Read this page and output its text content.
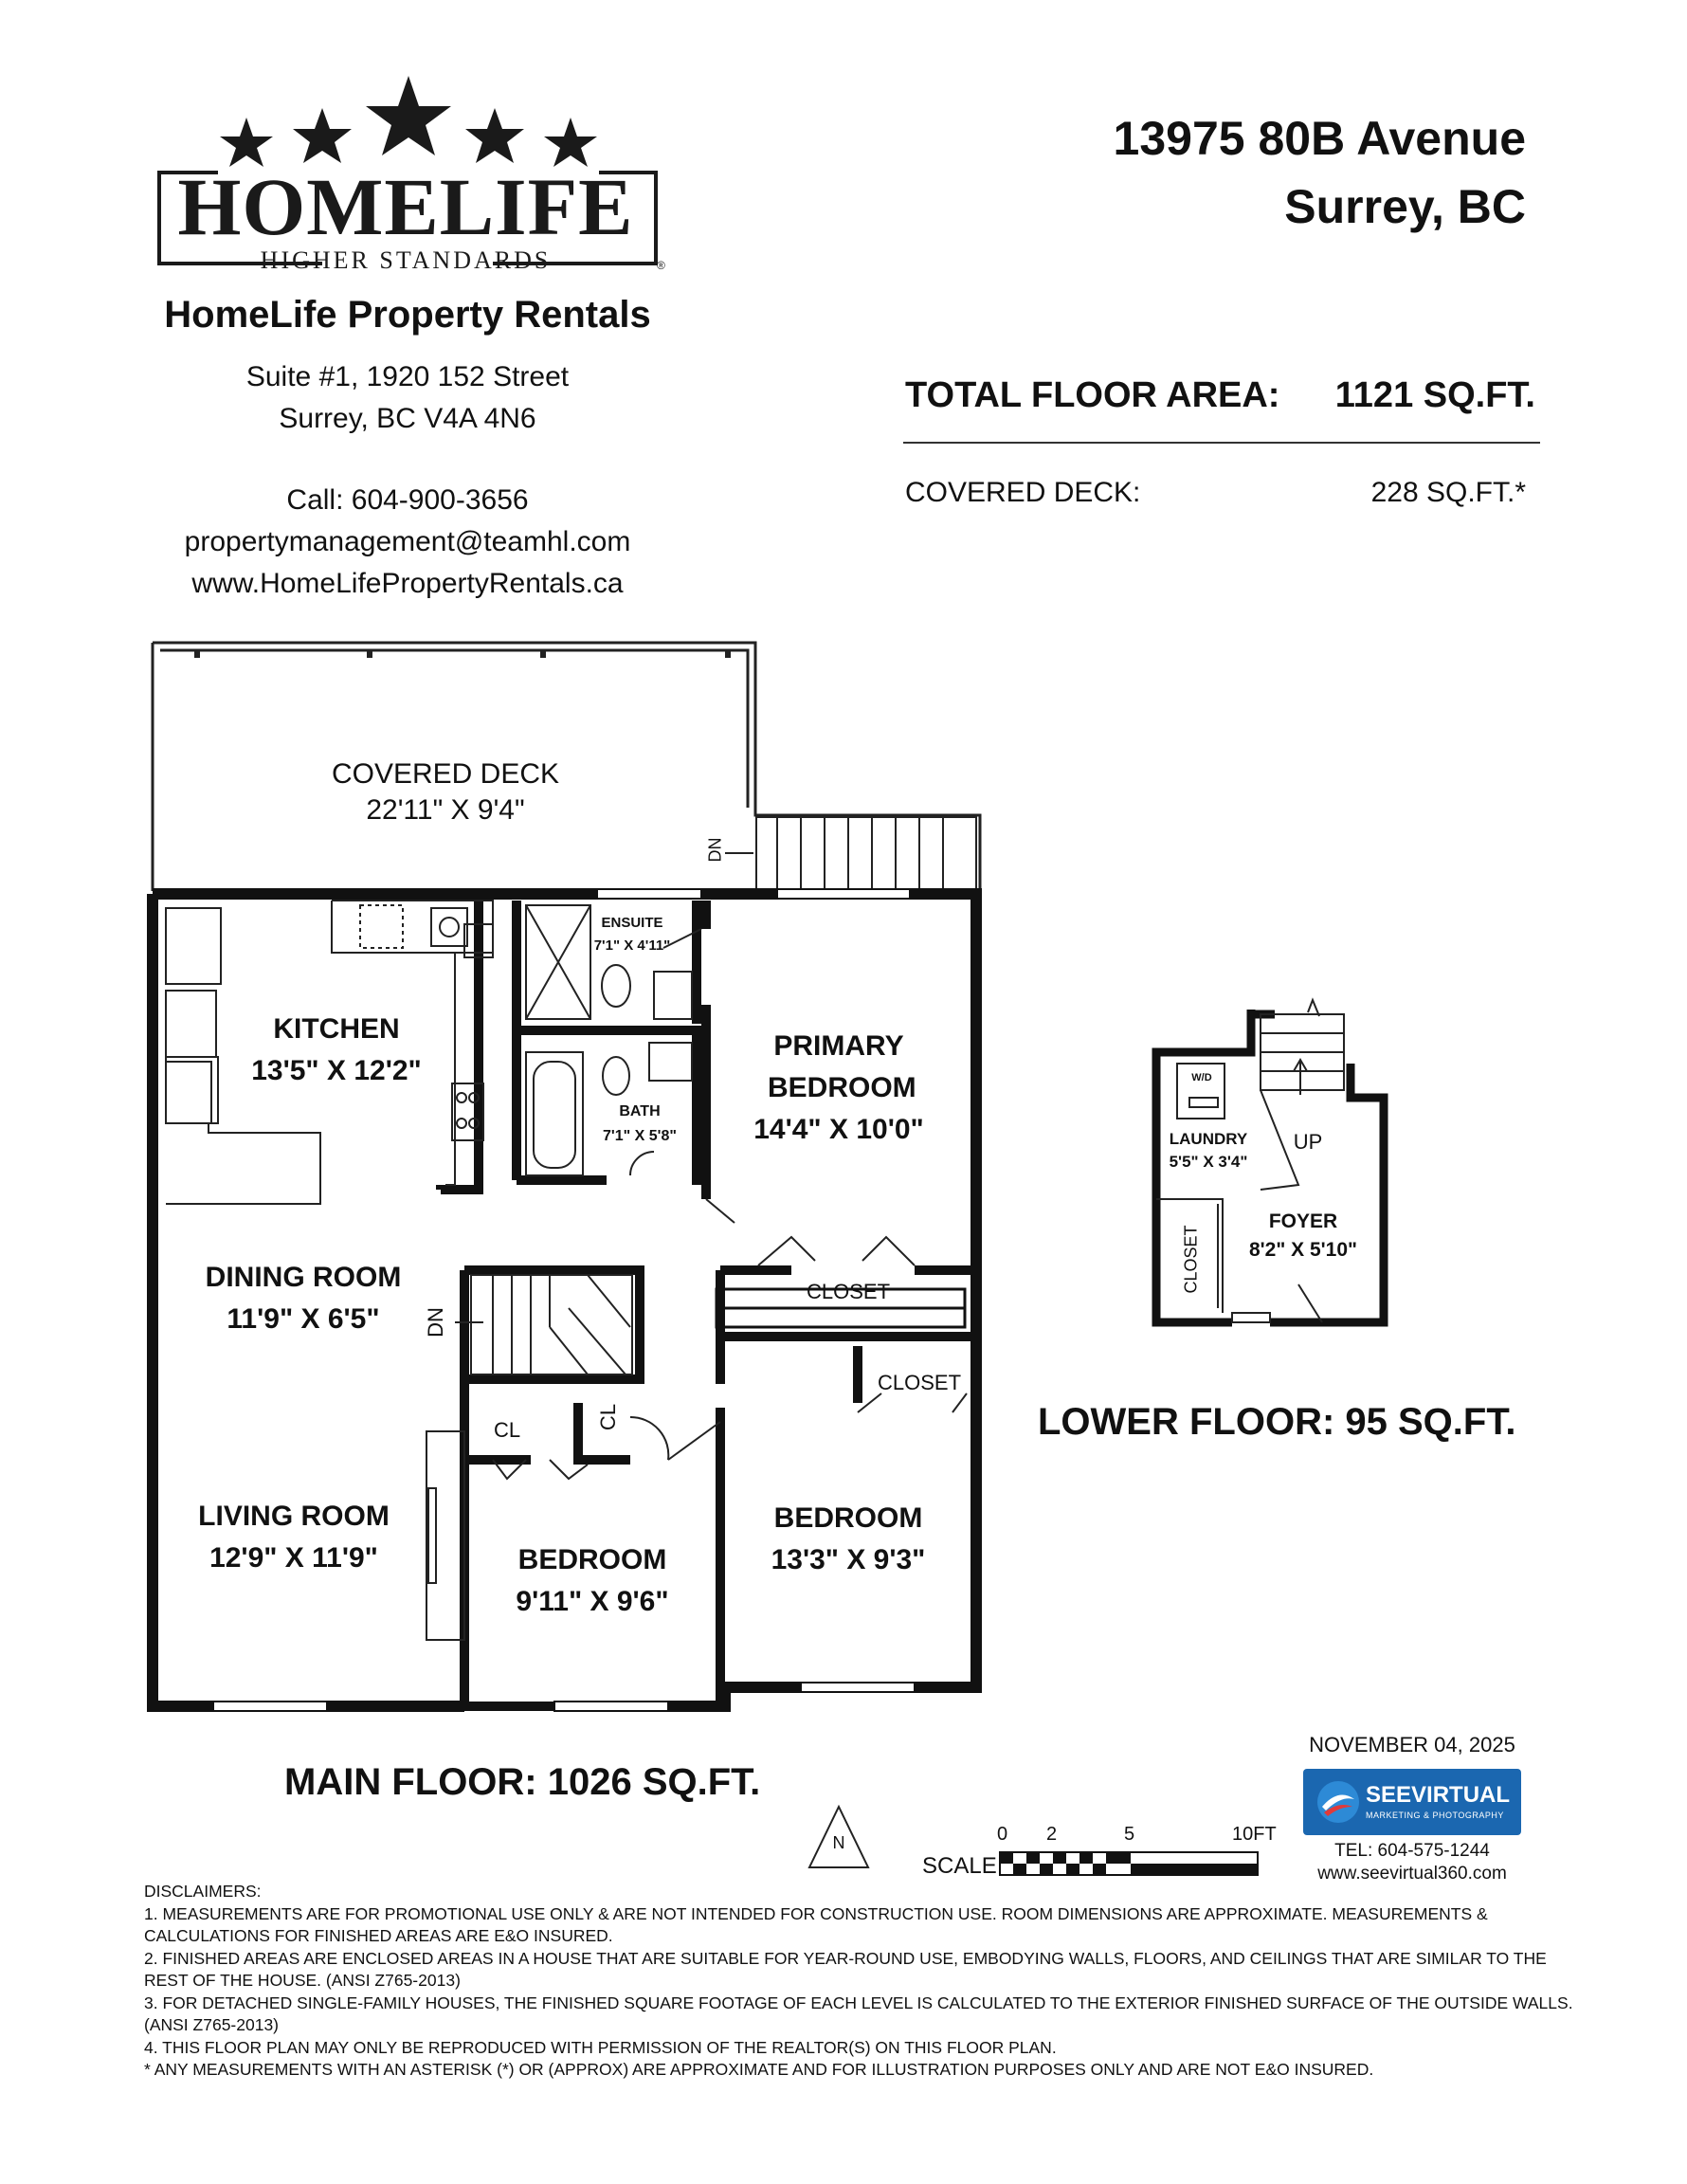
®
HOMELIFE
HIGHER STANDARDS
HomeLife Property Rentals
Suite #1, 1920 152 Street
Surrey, BC V4A 4N6
Call: 604-900-3656
propertymanagement@teamhl.com
www.HomeLifePropertyRentals.ca
13975 80B Avenue
Surrey, BC
TOTAL FLOOR AREA: 1121 SQ.FT.
COVERED DECK:	228 SQ.FT.*
COVERED DECK
22'11" X 9'4"
KITCHEN
13'5" X 12'2"
ENSUITE
7'1" X 4'11"
BATH
7'1" X 5'8"
PRIMARY BEDROOM
14'4" X 10'0"
DINING ROOM
11'9" X 6'5"
LIVING ROOM
12'9" X 11'9"	BEDROOM
9'11" X 9'6"
BEDROOM
13'3" X 9'3"
CLOSET
CLOSET
CL	CL
DN
DN
MAIN FLOOR: 1026 SQ.FT.
W/D
LAUNDRY
5'5" X 3'4"
UP
FOYER
8'2" X 5'10"
CLOSET
LOWER FLOOR: 95 SQ.FT.
NOVEMBER 04, 2025
SEEVIRTUAL
MARKETING & PHOTOGRAPHY
TEL: 604-575-1244
www.seevirtual360.com
N
SCALE
0 2	5	10FT

DISCLAIMERS:

1. MEASUREMENTS ARE FOR PROMOTIONAL USE ONLY & ARE NOT INTENDED FOR CONSTRUCTION USE. ROOM DIMENSIONS ARE APPROXIMATE. MEASUREMENTS & CALCULATIONS FOR FINISHED AREAS ARE E&O INSURED.

2. FINISHED AREAS ARE ENCLOSED AREAS IN A HOUSE THAT ARE SUITABLE FOR YEAR-ROUND USE, EMBODYING WALLS, FLOORS, AND CEILINGS THAT ARE SIMILAR TO THE REST OF THE HOUSE. (ANSI Z765-2013)

3. FOR DETACHED SINGLE-FAMILY HOUSES, THE FINISHED SQUARE FOOTAGE OF EACH LEVEL IS CALCULATED TO THE EXTERIOR FINISHED SURFACE OF THE OUTSIDE WALLS. (ANSI Z765-2013)

4. THIS FLOOR PLAN MAY ONLY BE REPRODUCED WITH PERMISSION OF THE REALTOR(S) ON THIS FLOOR PLAN.

* ANY MEASUREMENTS WITH AN ASTERISK (*) OR (APPROX) ARE APPROXIMATE AND FOR ILLUSTRATION PURPOSES ONLY AND ARE NOT E&O INSURED.
